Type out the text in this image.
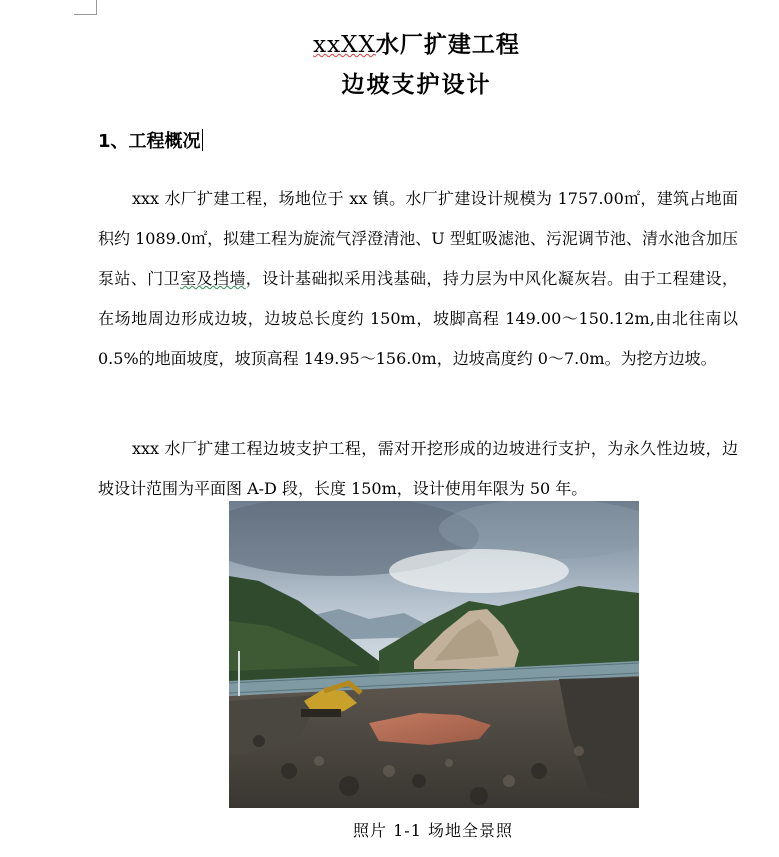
xxXX水厂扩建工程
边坡支护设计
1、工程概况
xxx 水厂扩建工程，场地位于 xx 镇。水厂扩建设计规模为 1757.00㎡，建筑占地面积约 1089.0㎡，拟建工程为旋流气浮澄清池、U 型虹吸滤池、污泥调节池、清水池含加压泵站、门卫室及挡墙，设计基础拟采用浅基础，持力层为中风化凝灰岩。由于工程建设，在场地周边形成边坡，边坡总长度约 150m，坡脚高程 149.00～150.12m,由北往南以 0.5%的地面坡度，坡顶高程 149.95～156.0m，边坡高度约 0～7.0m。为挖方边坡。
xxx 水厂扩建工程边坡支护工程，需对开挖形成的边坡进行支护，为永久性边坡，边坡设计范围为平面图 A-D 段，长度 150m，设计使用年限为 50 年。
照片 1-1 场地全景照
